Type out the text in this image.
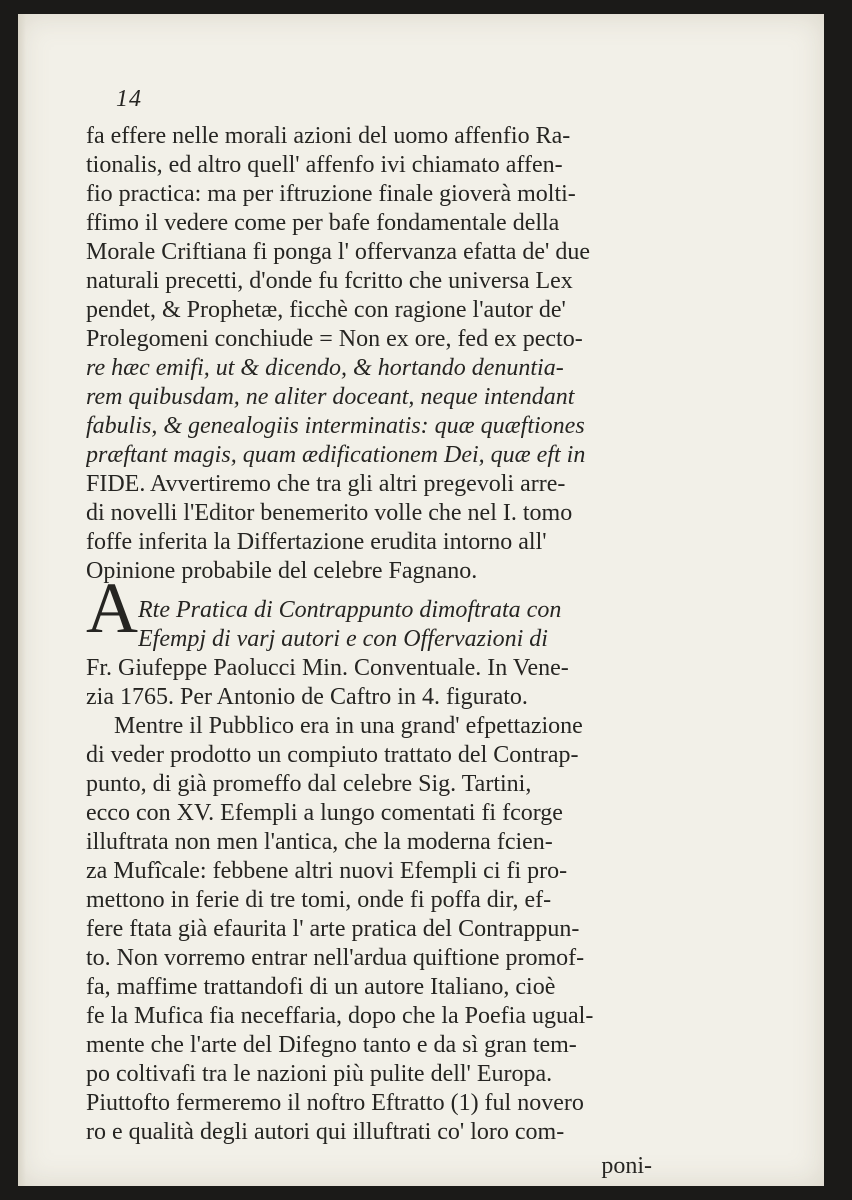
14
fa effere nelle morali azioni del uomo affenfio Ra-
tionalis, ed altro quell' affenfo ivi chiamato affen-
fio practica: ma per iftruzione finale gioverà molti-
ffimo il vedere come per bafe fondamentale della
Morale Criftiana fi ponga l' offervanza efatta de' due
naturali precetti, d'onde fu fcritto che universa Lex
pendet, & Prophetæ, ficchè con ragione l'autor de'
Prolegomeni conchiude = Non ex ore, fed ex pecto-
re hæc emifi, ut & dicendo, & hortando denuntia-
rem quibusdam, ne aliter doceant, neque intendant
fabulis, & genealogiis interminatis: quæ quæftiones
præftant magis, quam ædificationem Dei, quæ eft in
FIDE. Avvertiremo che tra gli altri pregevoli arre-
di novelli l'Editor benemerito volle che nel I. tomo
foffe inferita la Differtazione erudita intorno all'
Opinione probabile del celebre Fagnano.
A Rte Pratica di Contrappunto dimoftrata con
Efempj di varj autori e con Offervazioni di
Fr. Giufeppe Paolucci Min. Conventuale. In Vene-
zia 1765. Per Antonio de Caftro in 4. figurato.
Mentre il Pubblico era in una grand' efpettazione
di veder prodotto un compiuto trattato del Contrap-
punto, di già promeffo dal celebre Sig. Tartini,
ecco con XV. Efempli a lungo comentati fi fcorge
illuftrata non men l'antica, che la moderna fcien-
za Mufîcale: febbene altri nuovi Efempli ci fi pro-
mettono in ferie di tre tomi, onde fi poffa dir, ef-
fere ftata già efaurita l' arte pratica del Contrappun-
to. Non vorremo entrar nell'ardua quiftione promof-
fa, maffime trattandofi di un autore Italiano, cioè
fe la Mufica fia neceffaria, dopo che la Poefia ugual-
mente che l'arte del Difegno tanto e da sì gran tem-
po coltivafi tra le nazioni più pulite dell' Europa.
Piuttofto fermeremo il noftro Eftratto (1) ful novero
ro e qualità degli autori qui illuftrati co' loro com-
poni-
